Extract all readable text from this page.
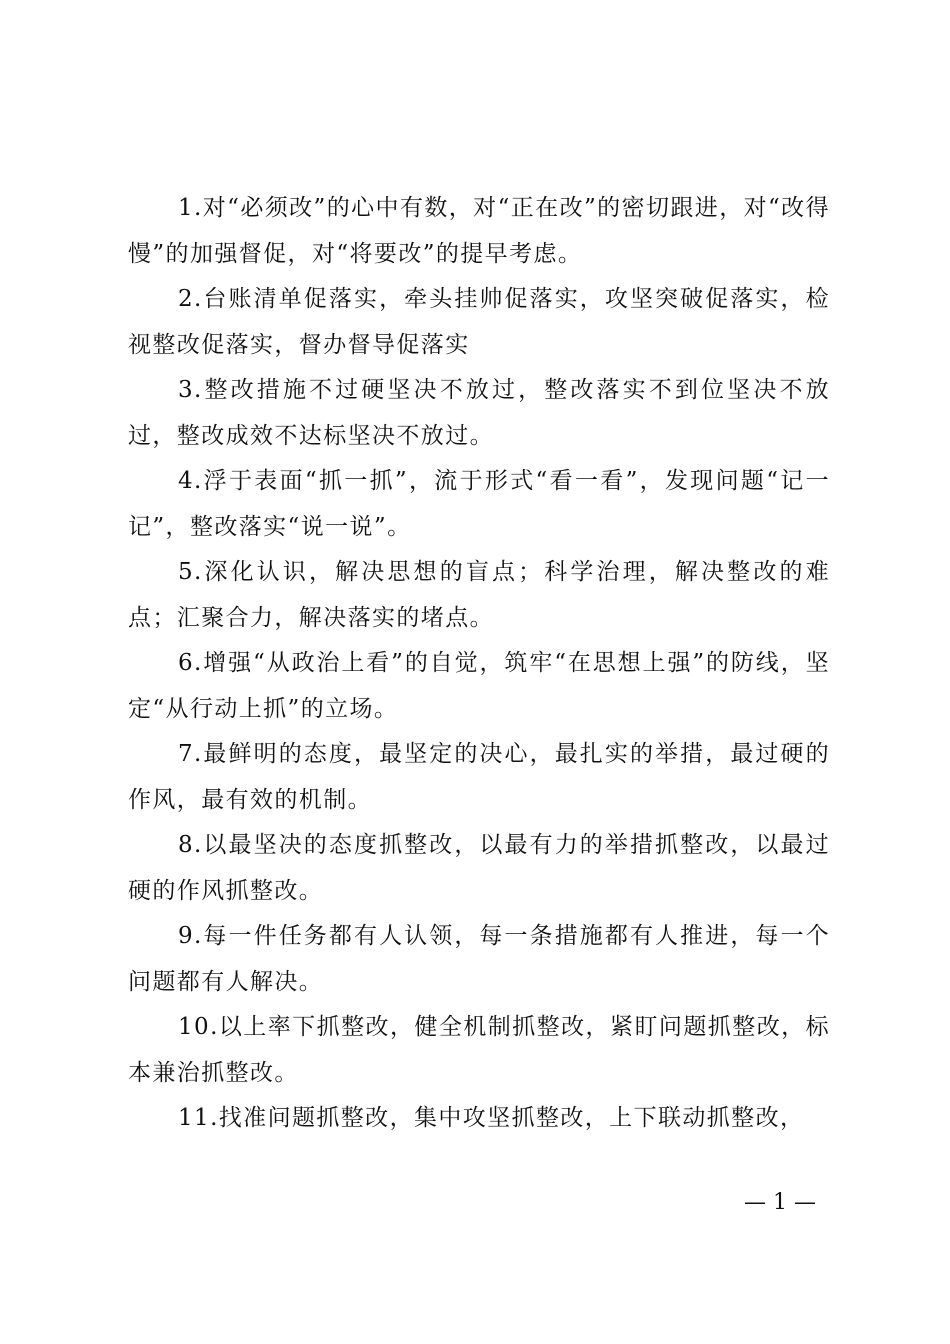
1.对“必须改”的心中有数，对“正在改”的密切跟进，对“改得慢”的加强督促，对“将要改”的提早考虑。

2.台账清单促落实，牵头挂帅促落实，攻坚突破促落实，检视整改促落实，督办督导促落实

3.整改措施不过硬坚决不放过，整改落实不到位坚决不放过，整改成效不达标坚决不放过。

4.浮于表面“抓一抓”，流于形式“看一看”，发现问题“记一记”，整改落实“说一说”。

5.深化认识，解决思想的盲点；科学治理，解决整改的难点；汇聚合力，解决落实的堵点。

6.增强“从政治上看”的自觉，筑牢“在思想上强”的防线，坚定“从行动上抓”的立场。

7.最鲜明的态度，最坚定的决心，最扎实的举措，最过硬的作风，最有效的机制。

8.以最坚决的态度抓整改，以最有力的举措抓整改，以最过硬的作风抓整改。

9.每一件任务都有人认领，每一条措施都有人推进，每一个问题都有人解决。

10.以上率下抓整改，健全机制抓整改，紧盯问题抓整改，标本兼治抓整改。

11.找准问题抓整改，集中攻坚抓整改，上下联动抓整改，

— 1 —
